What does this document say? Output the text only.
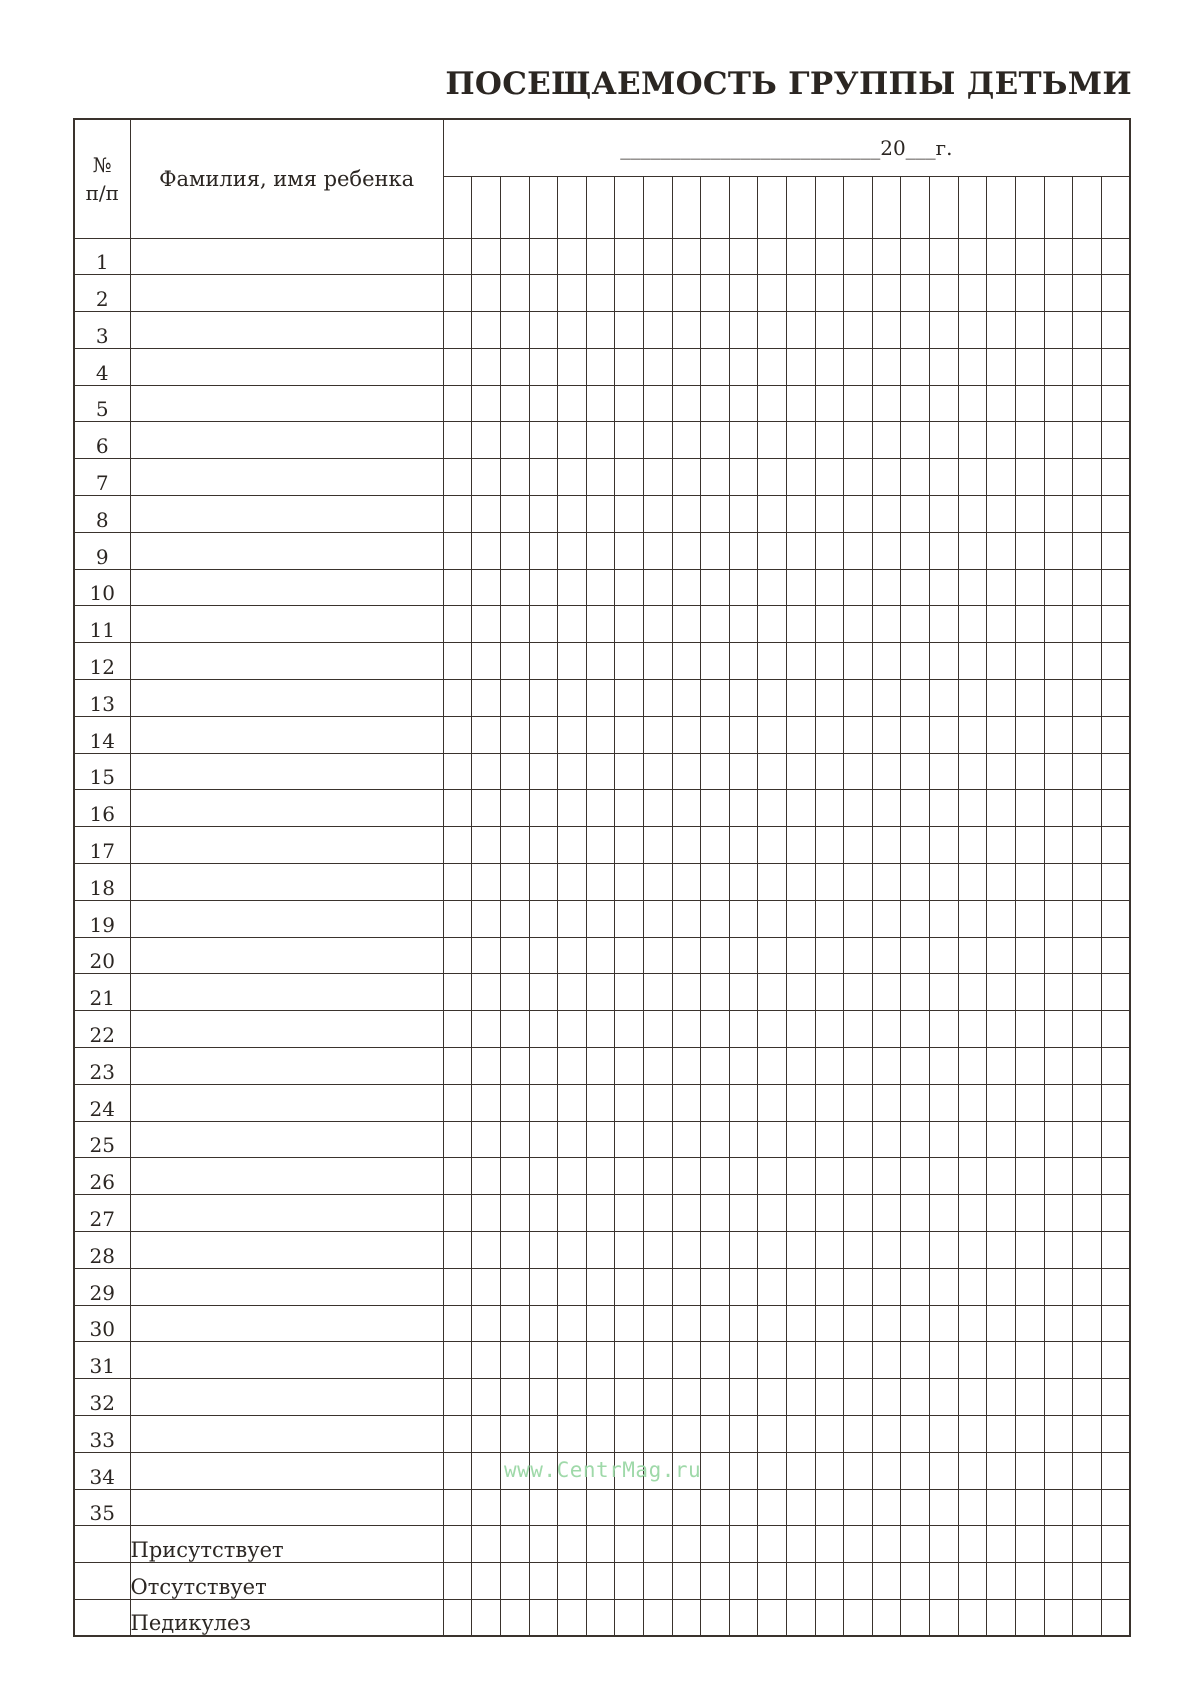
ПОСЕЩАЕМОСТЬ ГРУППЫ ДЕТЬМИ
№
п/п	Фамилия, имя ребенка	__________________________20___г.																							

1																									
2																									
3																									
4																									
5																									
6																									
7																									
8																									
9																									
10																									
11																									
12																									
13																									
14																									
15																									
16																									
17																									
18																									
19																									
20																									
21																									
22																									
23																									
24																									
25																									
26																									
27																									
28																									
29																									
30																									
31																									
32																									
33																									
34																									
35																									
	Присутствует																								
	Отсутствует																								
	Педикулез																								
www.CentrMag.ru
